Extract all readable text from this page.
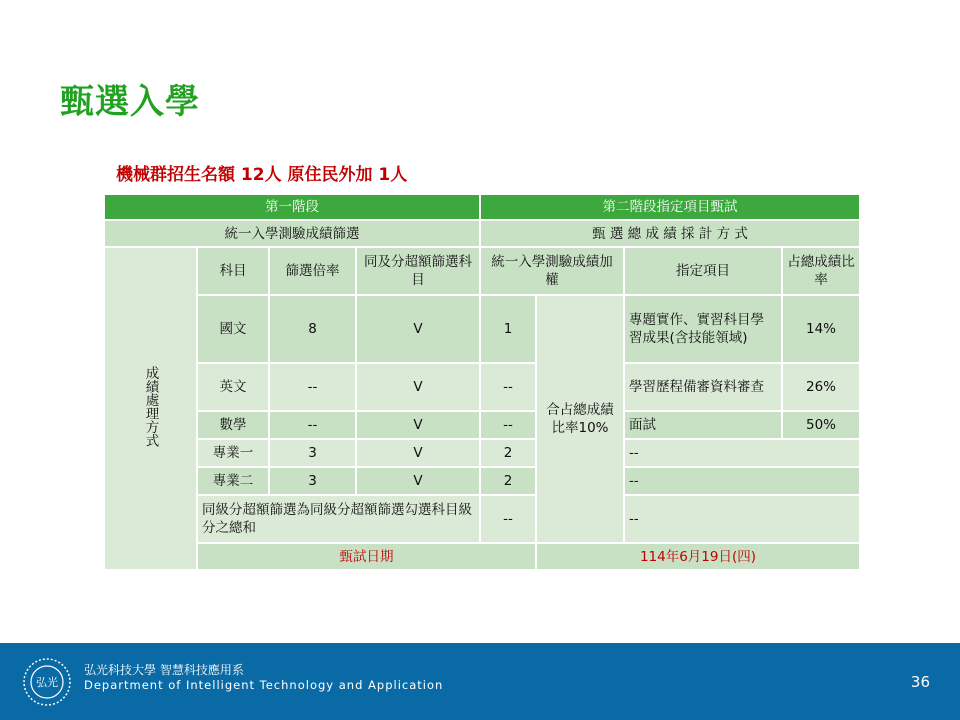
甄選入學
機械群招生名額 12人 原住民外加 1人
第一階段				第二階段指定項目甄試			
統一入學測驗成績篩選				甄 選 總 成 績 採 計 方 式			
成績處理方式	科目	篩選倍率	同及分超額篩選科目	統一入學測驗成績加權		指定項目	占總成績比率
	國文	8	V	1	合占總成績比率10%	專題實作、實習科目學習成果(含技能領域)	14%
	英文	--	V	--		學習歷程備審資料審查	26%
	數學	--	V	--		面試	50%
	專業一	3	V	2		--	
	專業二	3	V	2		--	
	同級分超額篩選為同級分超額篩選勾選科目級分之總和			--		--	
	甄試日期				114年6月19日(四)		
弘光
弘光科技大學 智慧科技應用系
Department of Intelligent Technology and Application	36
